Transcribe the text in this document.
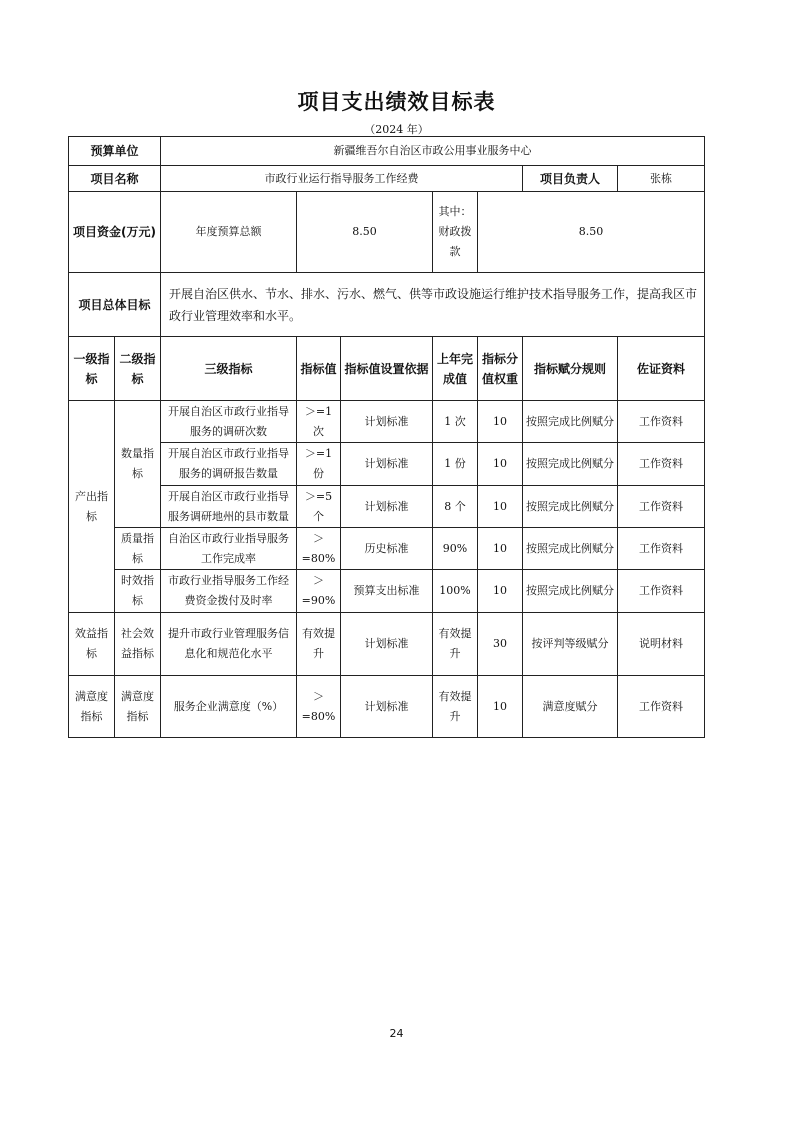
项目支出绩效目标表
（2024 年）
预算单位		新疆维吾尔自治区市政公用事业服务中心							
项目名称		市政行业运行指导服务工作经费					项目负责人	张栋	
项目资金(万元)		年度预算总额	8.50		其中：财政拨款	8.50		
项目总体目标		开展自治区供水、节水、排水、污水、燃气、供等市政设施运行维护技术指导服务工作，提高我区市政行业管理效率和水平。							
一级指标	二级指标	三级指标	指标值	指标值设置依据	上年完成值	指标分值权重	指标赋分规则	佐证资料	
产出指标	数量指标	开展自治区市政行业指导服务的调研次数	＞=1次	计划标准	1 次	10	按照完成比例赋分	工作资料	
		开展自治区市政行业指导服务的调研报告数量	＞=1份	计划标准	1 份	10	按照完成比例赋分	工作资料	
		开展自治区市政行业指导服务调研地州的县市数量	＞=5个	计划标准	8 个	10	按照完成比例赋分	工作资料	
	质量指标	自治区市政行业指导服务工作完成率	＞=80%	历史标准	90%	10	按照完成比例赋分	工作资料	
	时效指标	市政行业指导服务工作经费资金拨付及时率	＞=90%	预算支出标准	100%	10	按照完成比例赋分	工作资料	
效益指标	社会效益指标	提升市政行业管理服务信息化和规范化水平	有效提升	计划标准	有效提升	30	按评判等级赋分	说明材料	
满意度指标	满意度指标	服务企业满意度（%）	＞=80%	计划标准	有效提升	10	满意度赋分	工作资料	
24
